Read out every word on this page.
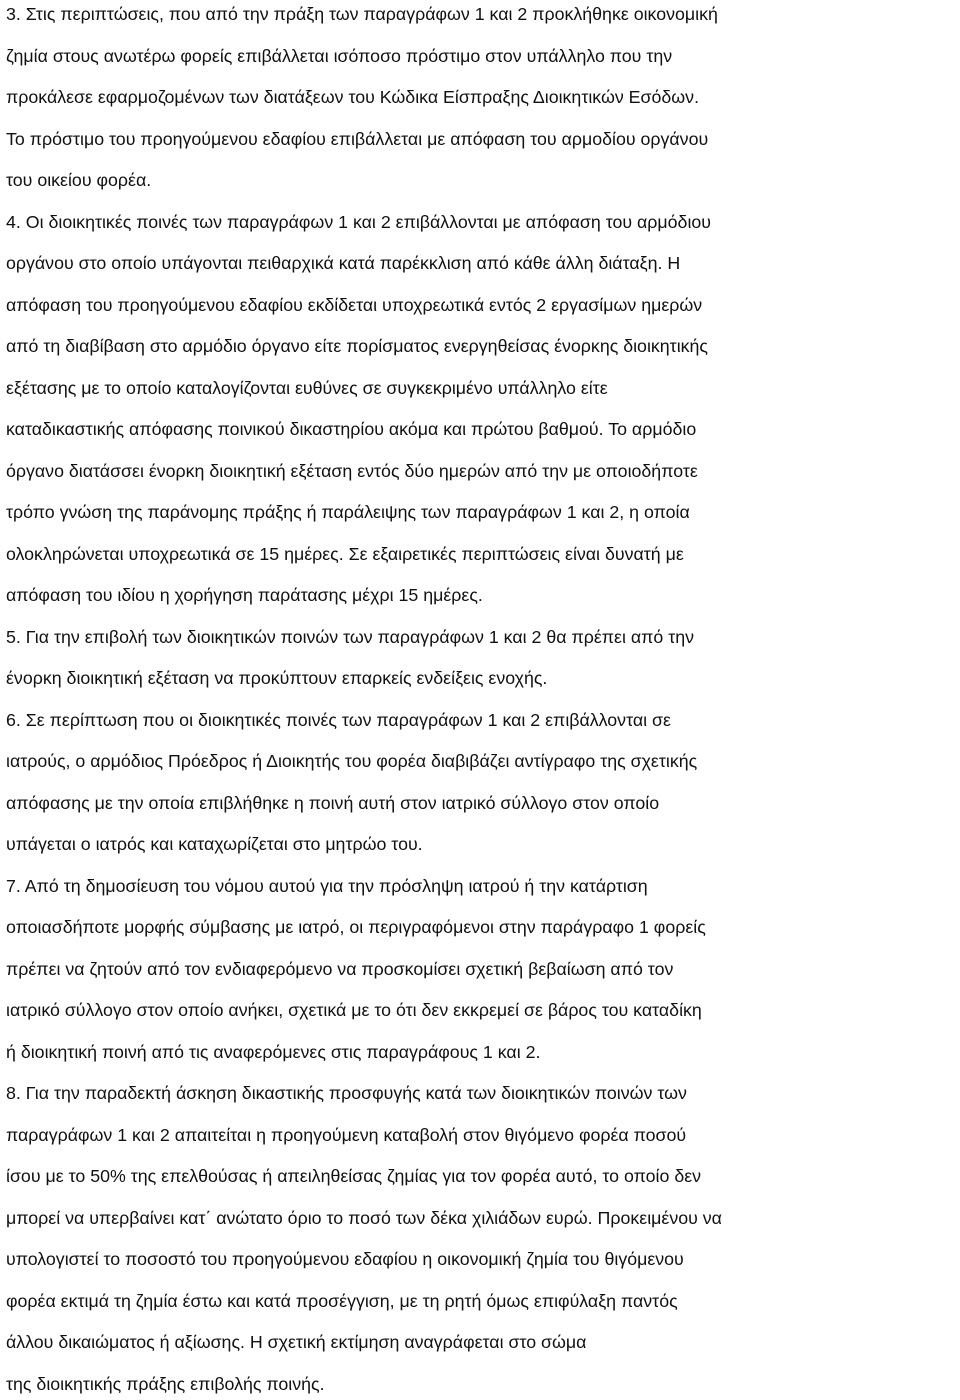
3. Στις περιπτώσεις, που από την πράξη των παραγράφων 1 και 2 προκλήθηκε οικονομική
ζημία στους ανωτέρω φορείς επιβάλλεται ισόποσο πρόστιμο στον υπάλληλο που την
προκάλεσε εφαρμοζομένων των διατάξεων του Κώδικα Είσπραξης Διοικητικών Εσόδων.
Το πρόστιμο του προηγούμενου εδαφίου επιβάλλεται με απόφαση του αρμοδίου οργάνου
του οικείου φορέα.
4. Οι διοικητικές ποινές των παραγράφων 1 και 2 επιβάλλονται με απόφαση του αρμόδιου
οργάνου στο οποίο υπάγονται πειθαρχικά κατά παρέκκλιση από κάθε άλλη διάταξη. Η
απόφαση του προηγούμενου εδαφίου εκδίδεται υποχρεωτικά εντός 2 εργασίμων ημερών
από τη διαβίβαση στο αρμόδιο όργανο είτε πορίσματος ενεργηθείσας ένορκης διοικητικής
εξέτασης με το οποίο καταλογίζονται ευθύνες σε συγκεκριμένο υπάλληλο είτε
καταδικαστικής απόφασης ποινικού δικαστηρίου ακόμα και πρώτου βαθμού. Το αρμόδιο
όργανο διατάσσει ένορκη διοικητική εξέταση εντός δύο ημερών από την με οποιοδήποτε
τρόπο γνώση της παράνομης πράξης ή παράλειψης των παραγράφων 1 και 2, η οποία
ολοκληρώνεται υποχρεωτικά σε 15 ημέρες. Σε εξαιρετικές περιπτώσεις είναι δυνατή με
απόφαση του ιδίου η χορήγηση παράτασης μέχρι 15 ημέρες.
5. Για την επιβολή των διοικητικών ποινών των παραγράφων 1 και 2 θα πρέπει από την
ένορκη διοικητική εξέταση να προκύπτουν επαρκείς ενδείξεις ενοχής.
6. Σε περίπτωση που οι διοικητικές ποινές των παραγράφων 1 και 2 επιβάλλονται σε
ιατρούς, ο αρμόδιος Πρόεδρος ή Διοικητής του φορέα διαβιβάζει αντίγραφο της σχετικής
απόφασης με την οποία επιβλήθηκε η ποινή αυτή στον ιατρικό σύλλογο στον οποίο
υπάγεται ο ιατρός και καταχωρίζεται στο μητρώο του.
7. Από τη δημοσίευση του νόμου αυτού για την πρόσληψη ιατρού ή την κατάρτιση
οποιασδήποτε μορφής σύμβασης με ιατρό, οι περιγραφόμενοι στην παράγραφο 1 φορείς
πρέπει να ζητούν από τον ενδιαφερόμενο να προσκομίσει σχετική βεβαίωση από τον
ιατρικό σύλλογο στον οποίο ανήκει, σχετικά με το ότι δεν εκκρεμεί σε βάρος του καταδίκη
ή διοικητική ποινή από τις αναφερόμενες στις παραγράφους 1 και 2.
8. Για την παραδεκτή άσκηση δικαστικής προσφυγής κατά των διοικητικών ποινών των
παραγράφων 1 και 2 απαιτείται η προηγούμενη καταβολή στον θιγόμενο φορέα ποσού
ίσου με το 50% της επελθούσας ή απειληθείσας ζημίας για τον φορέα αυτό, το οποίο δεν
μπορεί να υπερβαίνει κατ΄ ανώτατο όριο το ποσό των δέκα χιλιάδων ευρώ. Προκειμένου να
υπολογιστεί το ποσοστό του προηγούμενου εδαφίου η οικονομική ζημία του θιγόμενου
φορέα εκτιμά τη ζημία έστω και κατά προσέγγιση, με τη ρητή όμως επιφύλαξη παντός
άλλου δικαιώματος ή αξίωσης. Η σχετική εκτίμηση αναγράφεται στο σώμα
της διοικητικής πράξης επιβολής ποινής.
